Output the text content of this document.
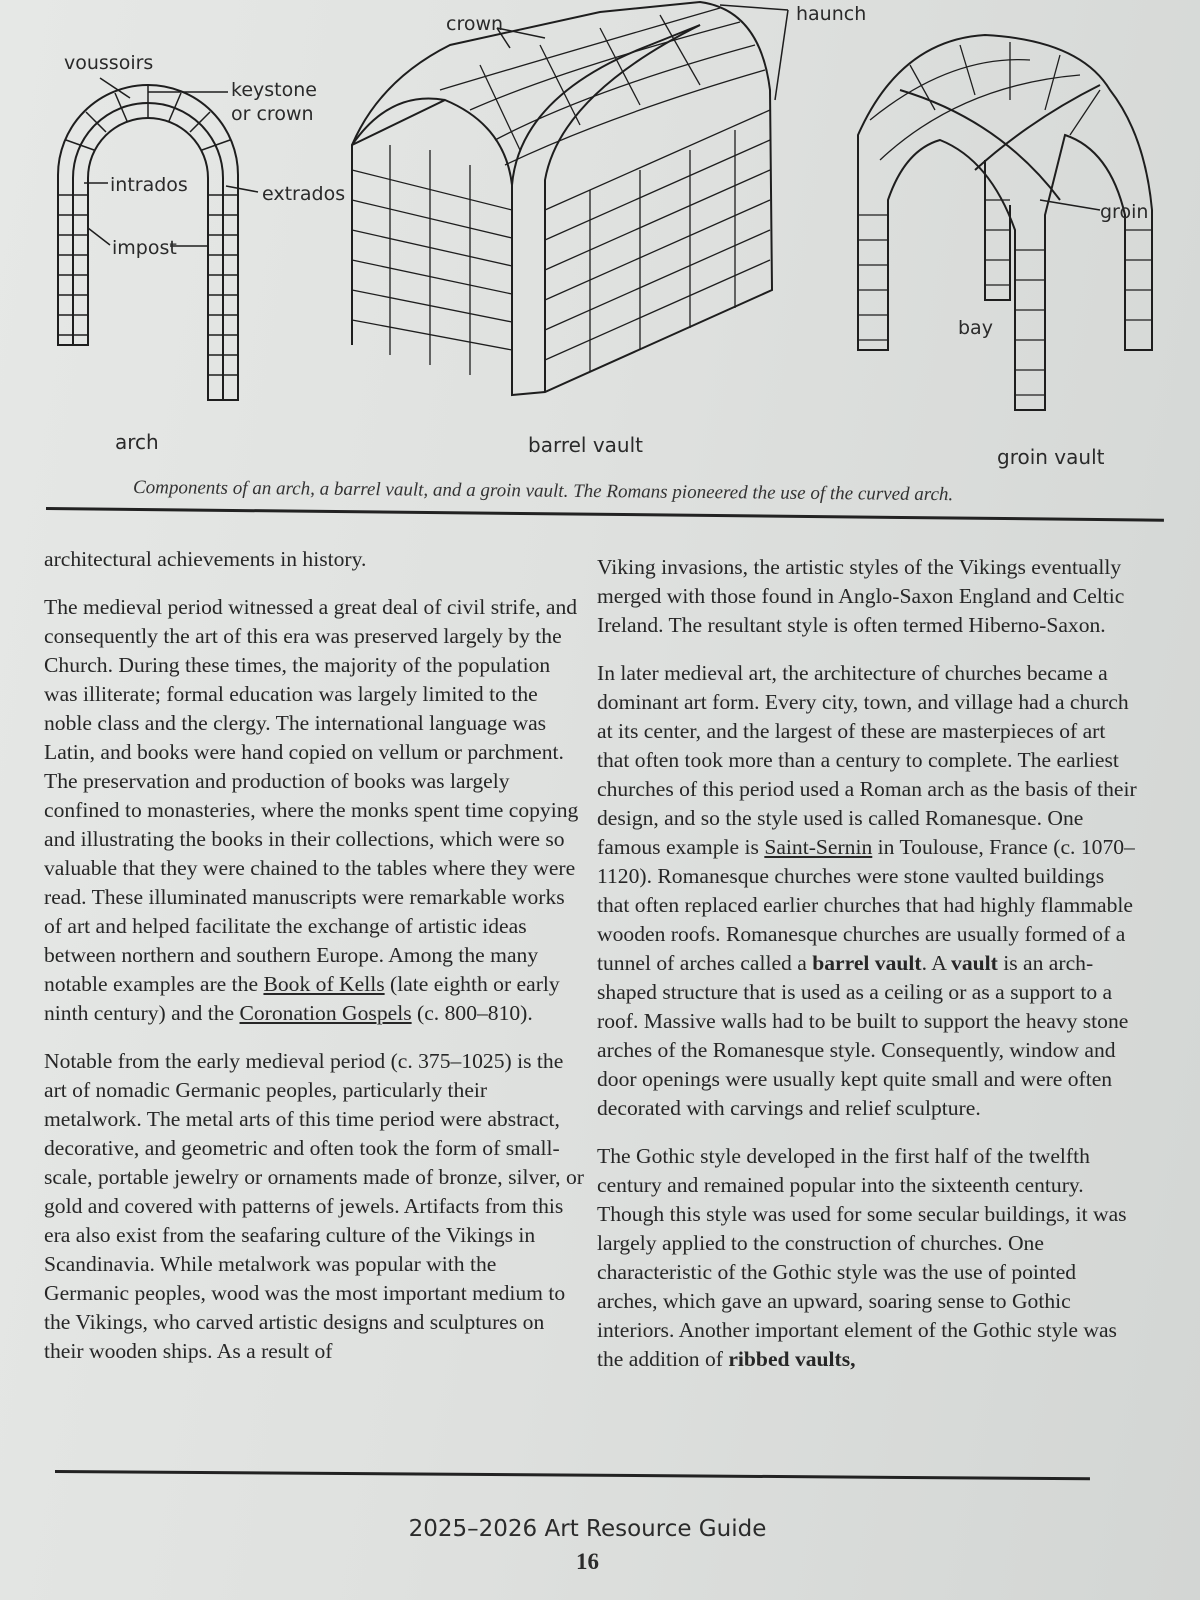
voussoirs
keystone or crown
intrados	extrados
impost
crown	haunch
groin
bay
arch	barrel vault	groin vault
Components of an arch, a barrel vault, and a groin vault. The Romans pioneered the use of the curved arch.

architectural achievements in history.

The medieval period witnessed a great deal of civil strife, and consequently the art of this era was preserved largely by the Church. During these times, the majority of the population was illiterate; formal education was largely limited to the noble class and the clergy. The international language was Latin, and books were hand copied on vellum or parchment. The preservation and production of books was largely confined to monasteries, where the monks spent time copying and illustrating the books in their collections, which were so valuable that they were chained to the tables where they were read. These illuminated manuscripts were remarkable works of art and helped facilitate the exchange of artistic ideas between northern and southern Europe. Among the many notable examples are the Book of Kells (late eighth or early ninth century) and the Coronation Gospels (c. 800–810).

Notable from the early medieval period (c. 375–1025) is the art of nomadic Germanic peoples, particularly their metalwork. The metal arts of this time period were abstract, decorative, and geometric and often took the form of small-scale, portable jewelry or ornaments made of bronze, silver, or gold and covered with patterns of jewels. Artifacts from this era also exist from the seafaring culture of the Vikings in Scandinavia. While metalwork was popular with the Germanic peoples, wood was the most important medium to the Vikings, who carved artistic designs and sculptures on their wooden ships. As a result of

Viking invasions, the artistic styles of the Vikings eventually merged with those found in Anglo-Saxon England and Celtic Ireland. The resultant style is often termed Hiberno-Saxon.

In later medieval art, the architecture of churches became a dominant art form. Every city, town, and village had a church at its center, and the largest of these are masterpieces of art that often took more than a century to complete. The earliest churches of this period used a Roman arch as the basis of their design, and so the style used is called Romanesque. One famous example is Saint-Sernin in Toulouse, France (c. 1070–1120). Romanesque churches were stone vaulted buildings that often replaced earlier churches that had highly flammable wooden roofs. Romanesque churches are usually formed of a tunnel of arches called a barrel vault. A vault is an arch-shaped structure that is used as a ceiling or as a support to a roof. Massive walls had to be built to support the heavy stone arches of the Romanesque style. Consequently, window and door openings were usually kept quite small and were often decorated with carvings and relief sculpture.

The Gothic style developed in the first half of the twelfth century and remained popular into the sixteenth century. Though this style was used for some secular buildings, it was largely applied to the construction of churches. One characteristic of the Gothic style was the use of pointed arches, which gave an upward, soaring sense to Gothic interiors. Another important element of the Gothic style was the addition of ribbed vaults,

2025–2026 Art Resource Guide
16
